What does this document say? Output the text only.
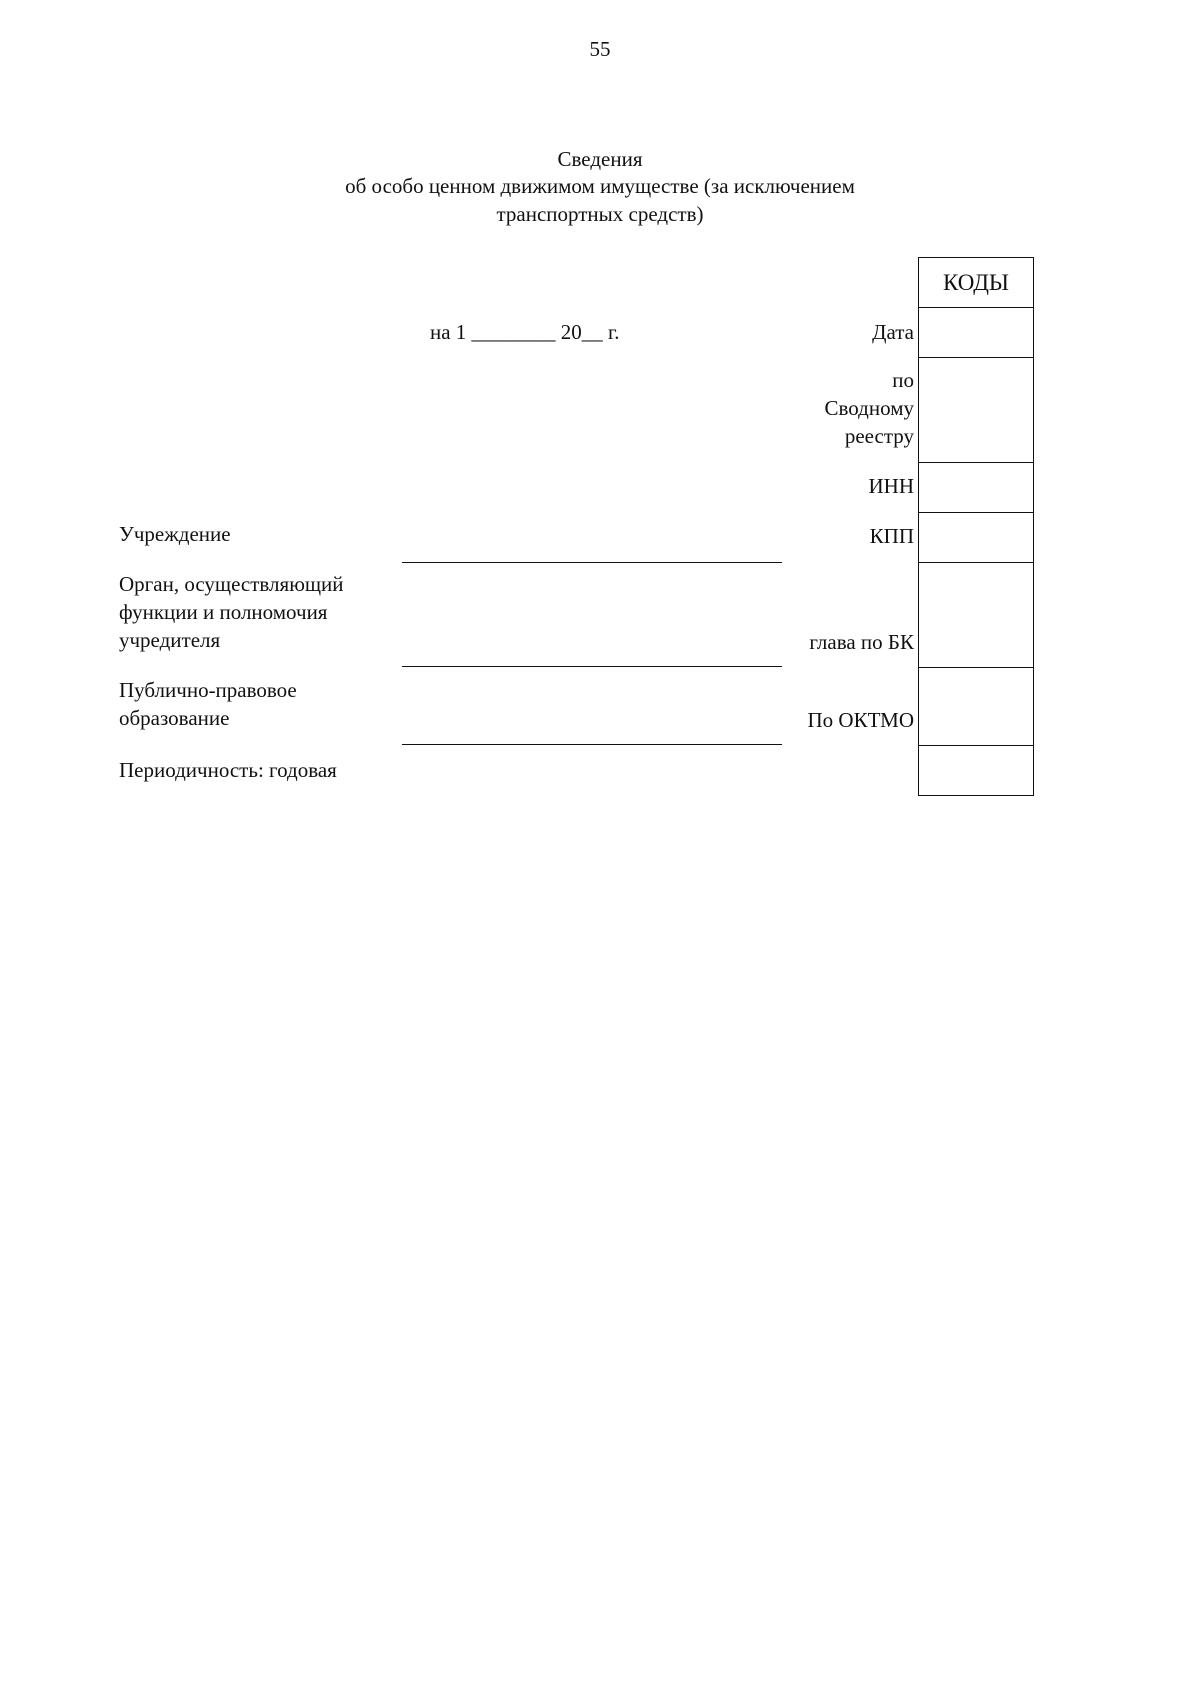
55
Сведения
об особо ценном движимом имуществе (за исключением
транспортных средств)
на 1 ________ 20__ г.	Дата
по
Сводному
реестру
ИНН
КПП
глава по БК
По ОКТМО
Учреждение
Орган, осуществляющий
функции и полномочия
учредителя
Публично-правовое
образование
Периодичность: годовая
КОДЫ
